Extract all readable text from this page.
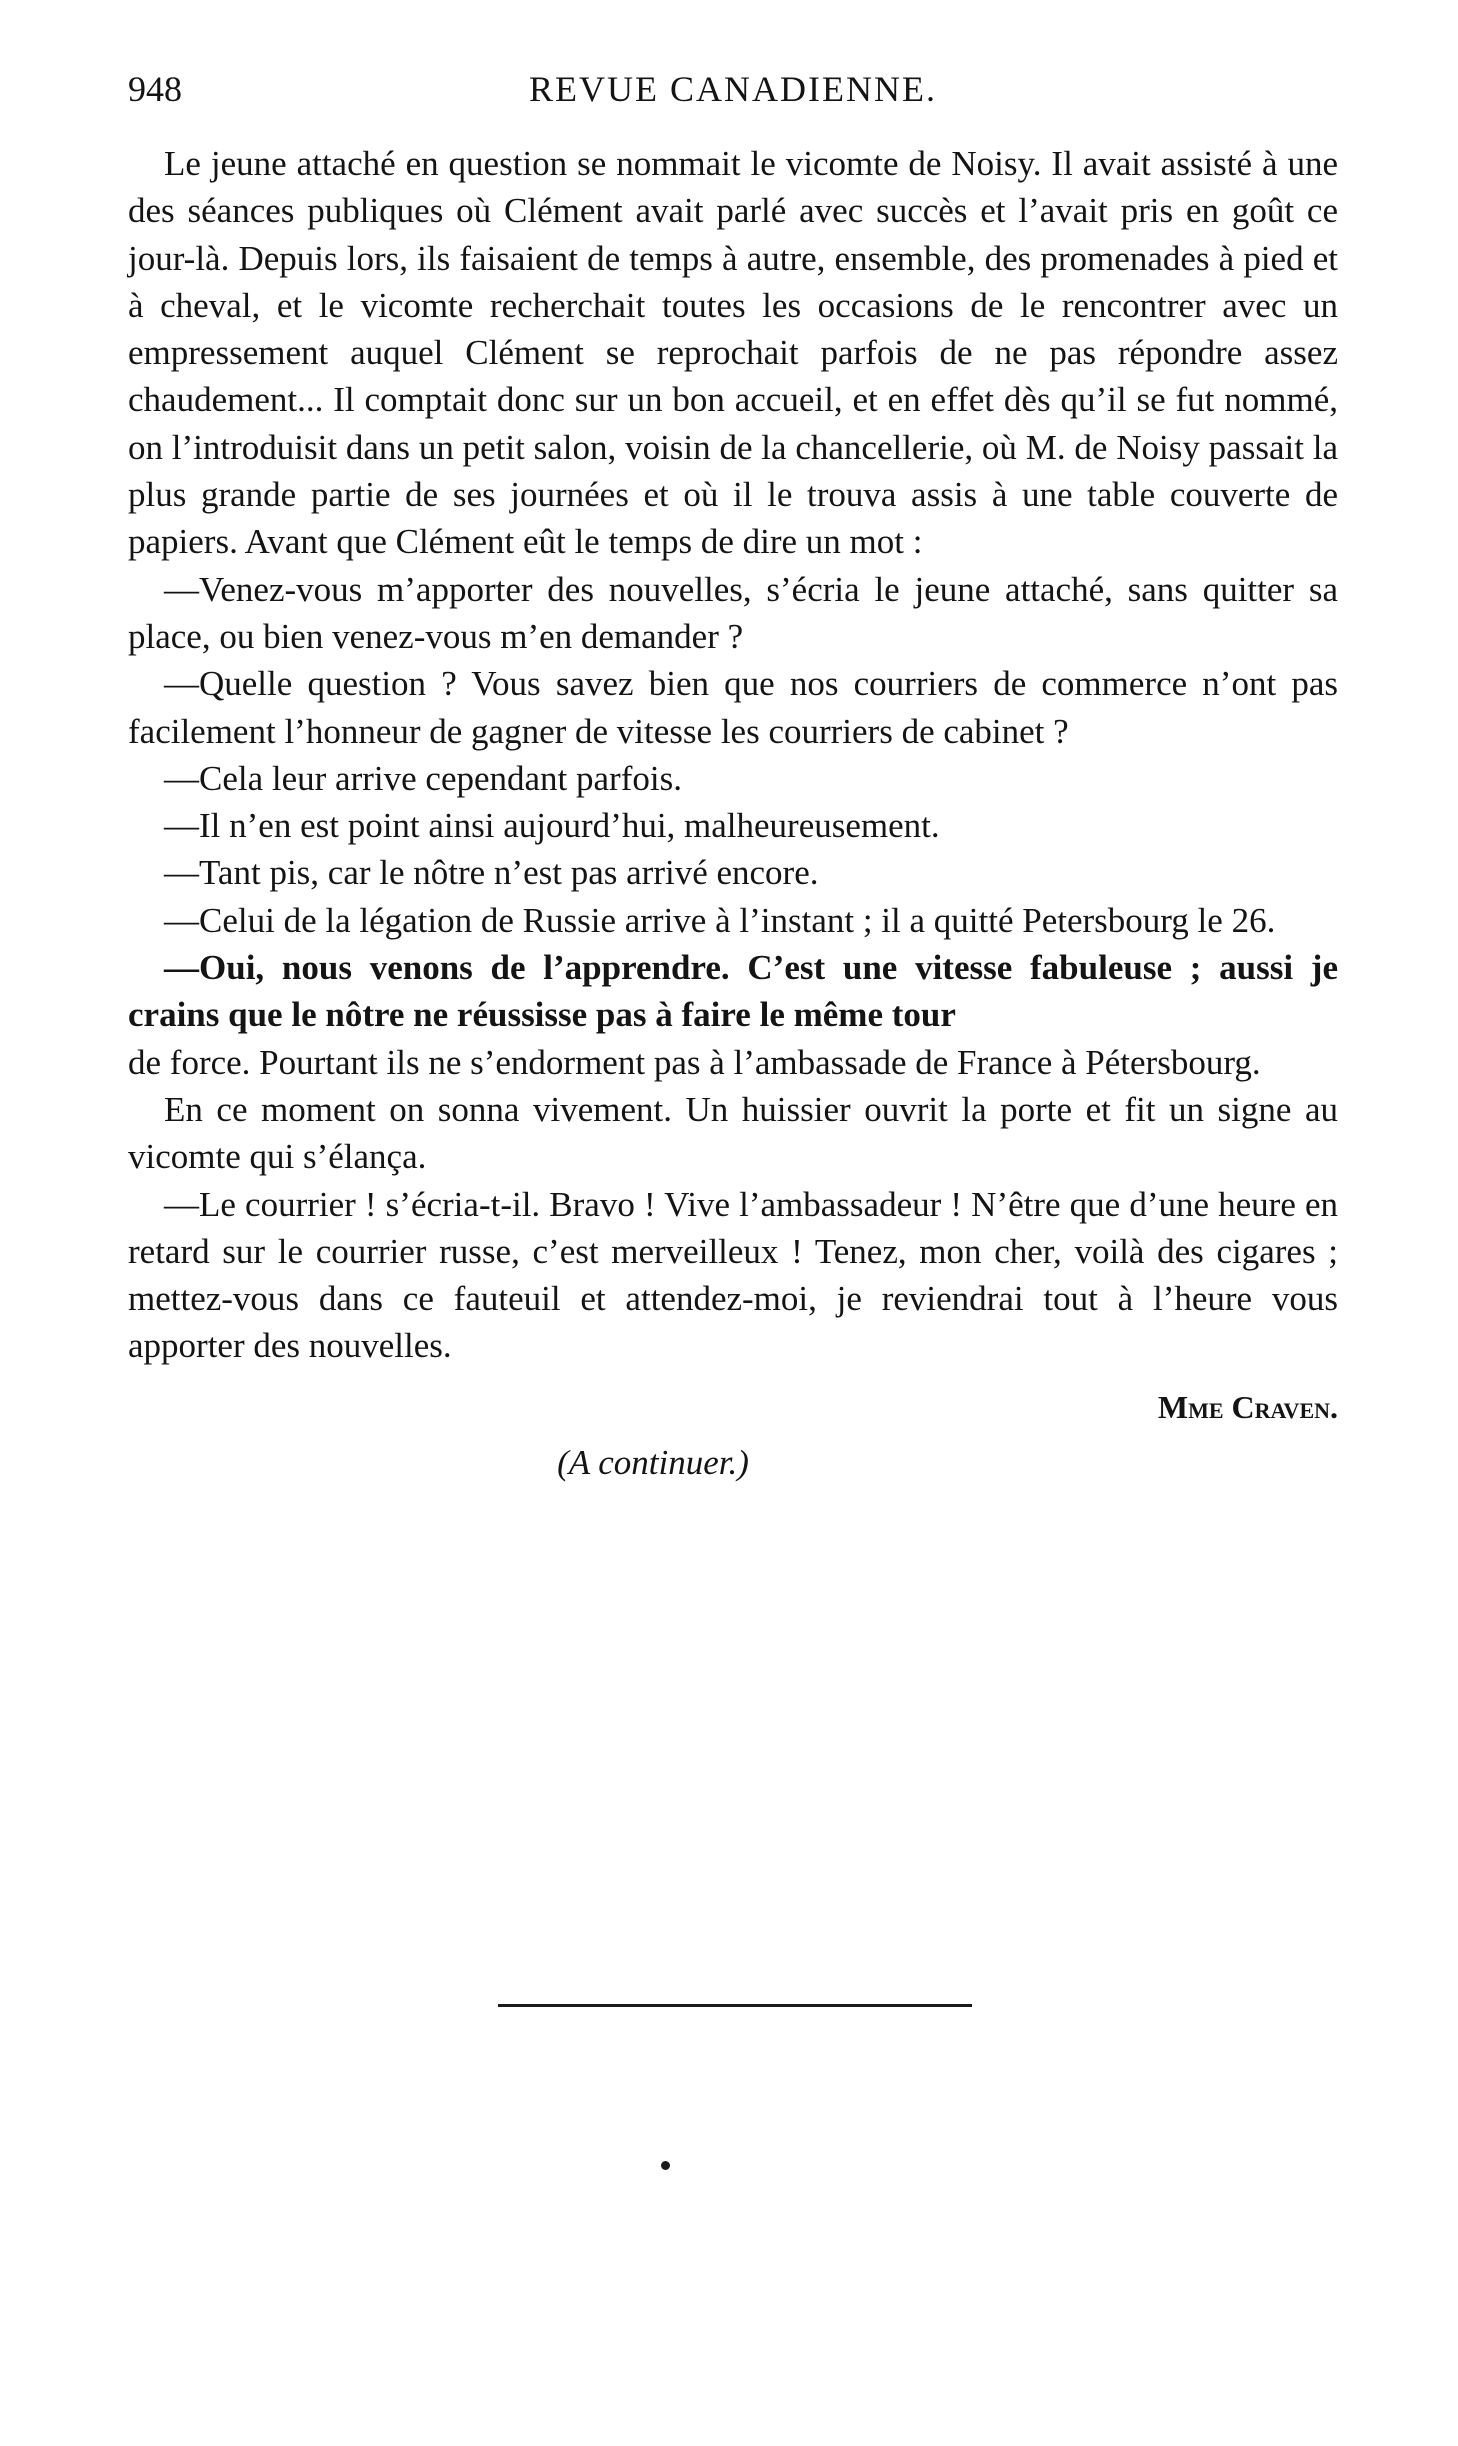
948	REVUE CANADIENNE.

Le jeune attaché en question se nommait le vicomte de Noisy. Il avait assisté à une des séances publiques où Clément avait parlé avec succès et l’avait pris en goût ce jour-là. Depuis lors, ils faisaient de temps à autre, ensemble, des promenades à pied et à cheval, et le vicomte recherchait toutes les occasions de le rencontrer avec un empressement auquel Clément se reprochait parfois de ne pas répondre assez chaudement... Il comptait donc sur un bon accueil, et en effet dès qu’il se fut nommé, on l’introduisit dans un petit salon, voisin de la chancellerie, où M. de Noisy passait la plus grande partie de ses journées et où il le trouva assis à une table couverte de papiers. Avant que Clément eût le temps de dire un mot :

—Venez-vous m’apporter des nouvelles, s’écria le jeune attaché, sans quitter sa place, ou bien venez-vous m’en demander ?

—Quelle question ? Vous savez bien que nos courriers de commerce n’ont pas facilement l’honneur de gagner de vitesse les courriers de cabinet ?

—Cela leur arrive cependant parfois.

—Il n’en est point ainsi aujourd’hui, malheureusement.

—Tant pis, car le nôtre n’est pas arrivé encore.

—Celui de la légation de Russie arrive à l’instant ; il a quitté Petersbourg le 26.

—Oui, nous venons de l’apprendre. C’est une vitesse fabuleuse ; aussi je crains que le nôtre ne réussisse pas à faire le même tour

de force. Pourtant ils ne s’endorment pas à l’ambassade de France à Pétersbourg.

En ce moment on sonna vivement. Un huissier ouvrit la porte et fit un signe au vicomte qui s’élança.

—Le courrier ! s’écria-t-il. Bravo ! Vive l’ambassadeur ! N’être que d’une heure en retard sur le courrier russe, c’est merveilleux ! Tenez, mon cher, voilà des cigares ; mettez-vous dans ce fauteuil et attendez-moi, je reviendrai tout à l’heure vous apporter des nouvelles.

Mme Craven.

(A continuer.)
